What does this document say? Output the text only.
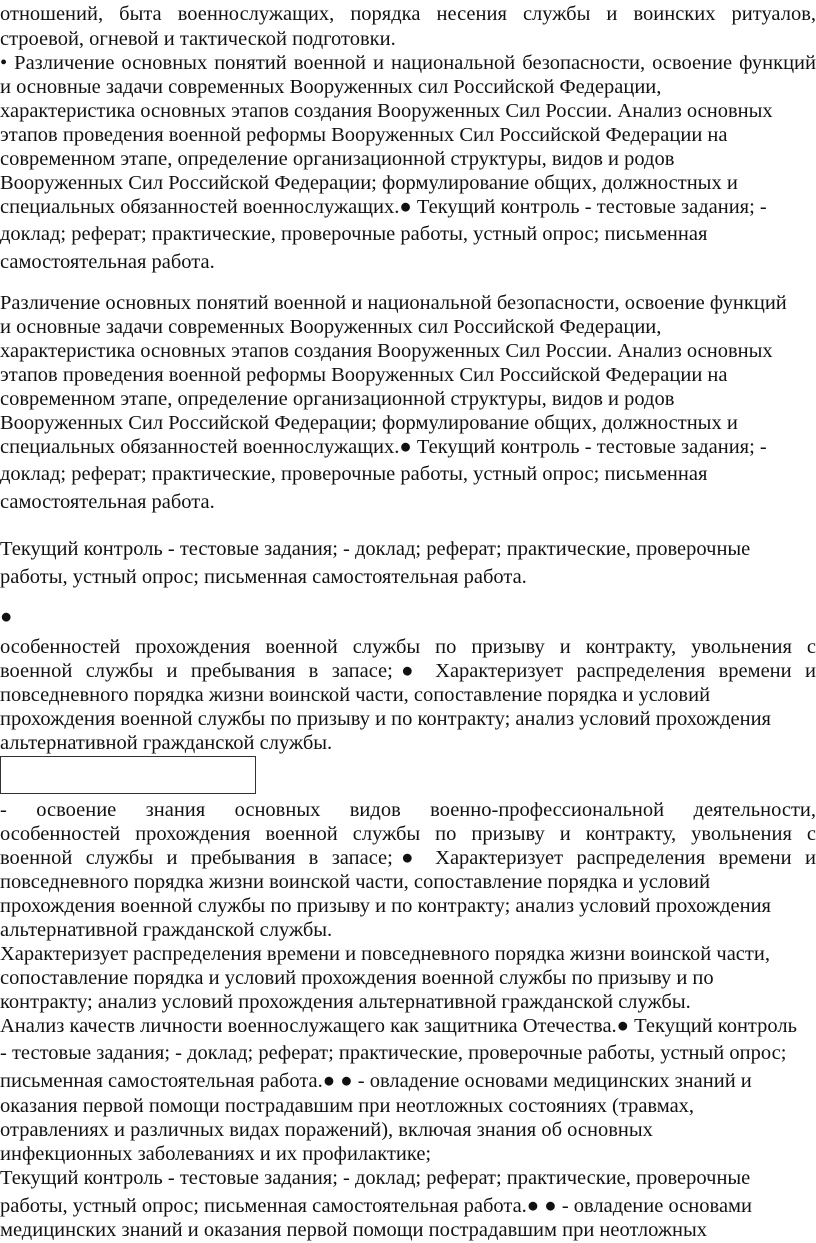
отношений, быта военнослужащих, порядка несения службы и воинских ритуалов,
строевой, огневой и тактической подготовки.
• Различение основных понятий военной и национальной безопасности, освоение функций
и основные задачи современных Вооруженных сил Российской Федерации,
характеристика основных этапов создания Вооруженных Сил России. Анализ основных
этапов проведения военной реформы Вооруженных Сил Российской Федерации на
современном этапе, определение организационной структуры, видов и родов
Вооруженных Сил Российской Федерации; формулирование общих, должностных и
специальных обязанностей военнослужащих.● Текущий контроль - тестовые задания; -
доклад; реферат; практические, проверочные работы, устный опрос; письменная
самостоятельная работа.
Различение основных понятий военной и национальной безопасности, освоение функций
и основные задачи современных Вооруженных сил Российской Федерации,
характеристика основных этапов создания Вооруженных Сил России. Анализ основных
этапов проведения военной реформы Вооруженных Сил Российской Федерации на
современном этапе, определение организационной структуры, видов и родов
Вооруженных Сил Российской Федерации; формулирование общих, должностных и
специальных обязанностей военнослужащих.● Текущий контроль - тестовые задания; -
доклад; реферат; практические, проверочные работы, устный опрос; письменная
самостоятельная работа.
Текущий контроль - тестовые задания; - доклад; реферат; практические, проверочные
работы, устный опрос; письменная самостоятельная работа.
●
особенностей прохождения военной службы по призыву и контракту, увольнения с
военной службы и пребывания в запасе;● Характеризует распределения времени и
повседневного порядка жизни воинской части, сопоставление порядка и условий
прохождения военной службы по призыву и по контракту; анализ условий прохождения
альтернативной гражданской службы.
- освоение знания основных видов военно-профессиональной деятельности,
особенностей прохождения военной службы по призыву и контракту, увольнения с
военной службы и пребывания в запасе;● Характеризует распределения времени и
повседневного порядка жизни воинской части, сопоставление порядка и условий
прохождения военной службы по призыву и по контракту; анализ условий прохождения
альтернативной гражданской службы.
Характеризует распределения времени и повседневного порядка жизни воинской части,
сопоставление порядка и условий прохождения военной службы по призыву и по
контракту; анализ условий прохождения альтернативной гражданской службы.
Анализ качеств личности военнослужащего как защитника Отечества.● Текущий контроль
- тестовые задания; - доклад; реферат; практические, проверочные работы, устный опрос;
письменная самостоятельная работа.● ● - овладение основами медицинских знаний и
оказания первой помощи пострадавшим при неотложных состояниях (травмах,
отравлениях и различных видах поражений), включая знания об основных
инфекционных заболеваниях и их профилактике;
Текущий контроль - тестовые задания; - доклад; реферат; практические, проверочные
работы, устный опрос; письменная самостоятельная работа.● ● - овладение основами
медицинских знаний и оказания первой помощи пострадавшим при неотложных
